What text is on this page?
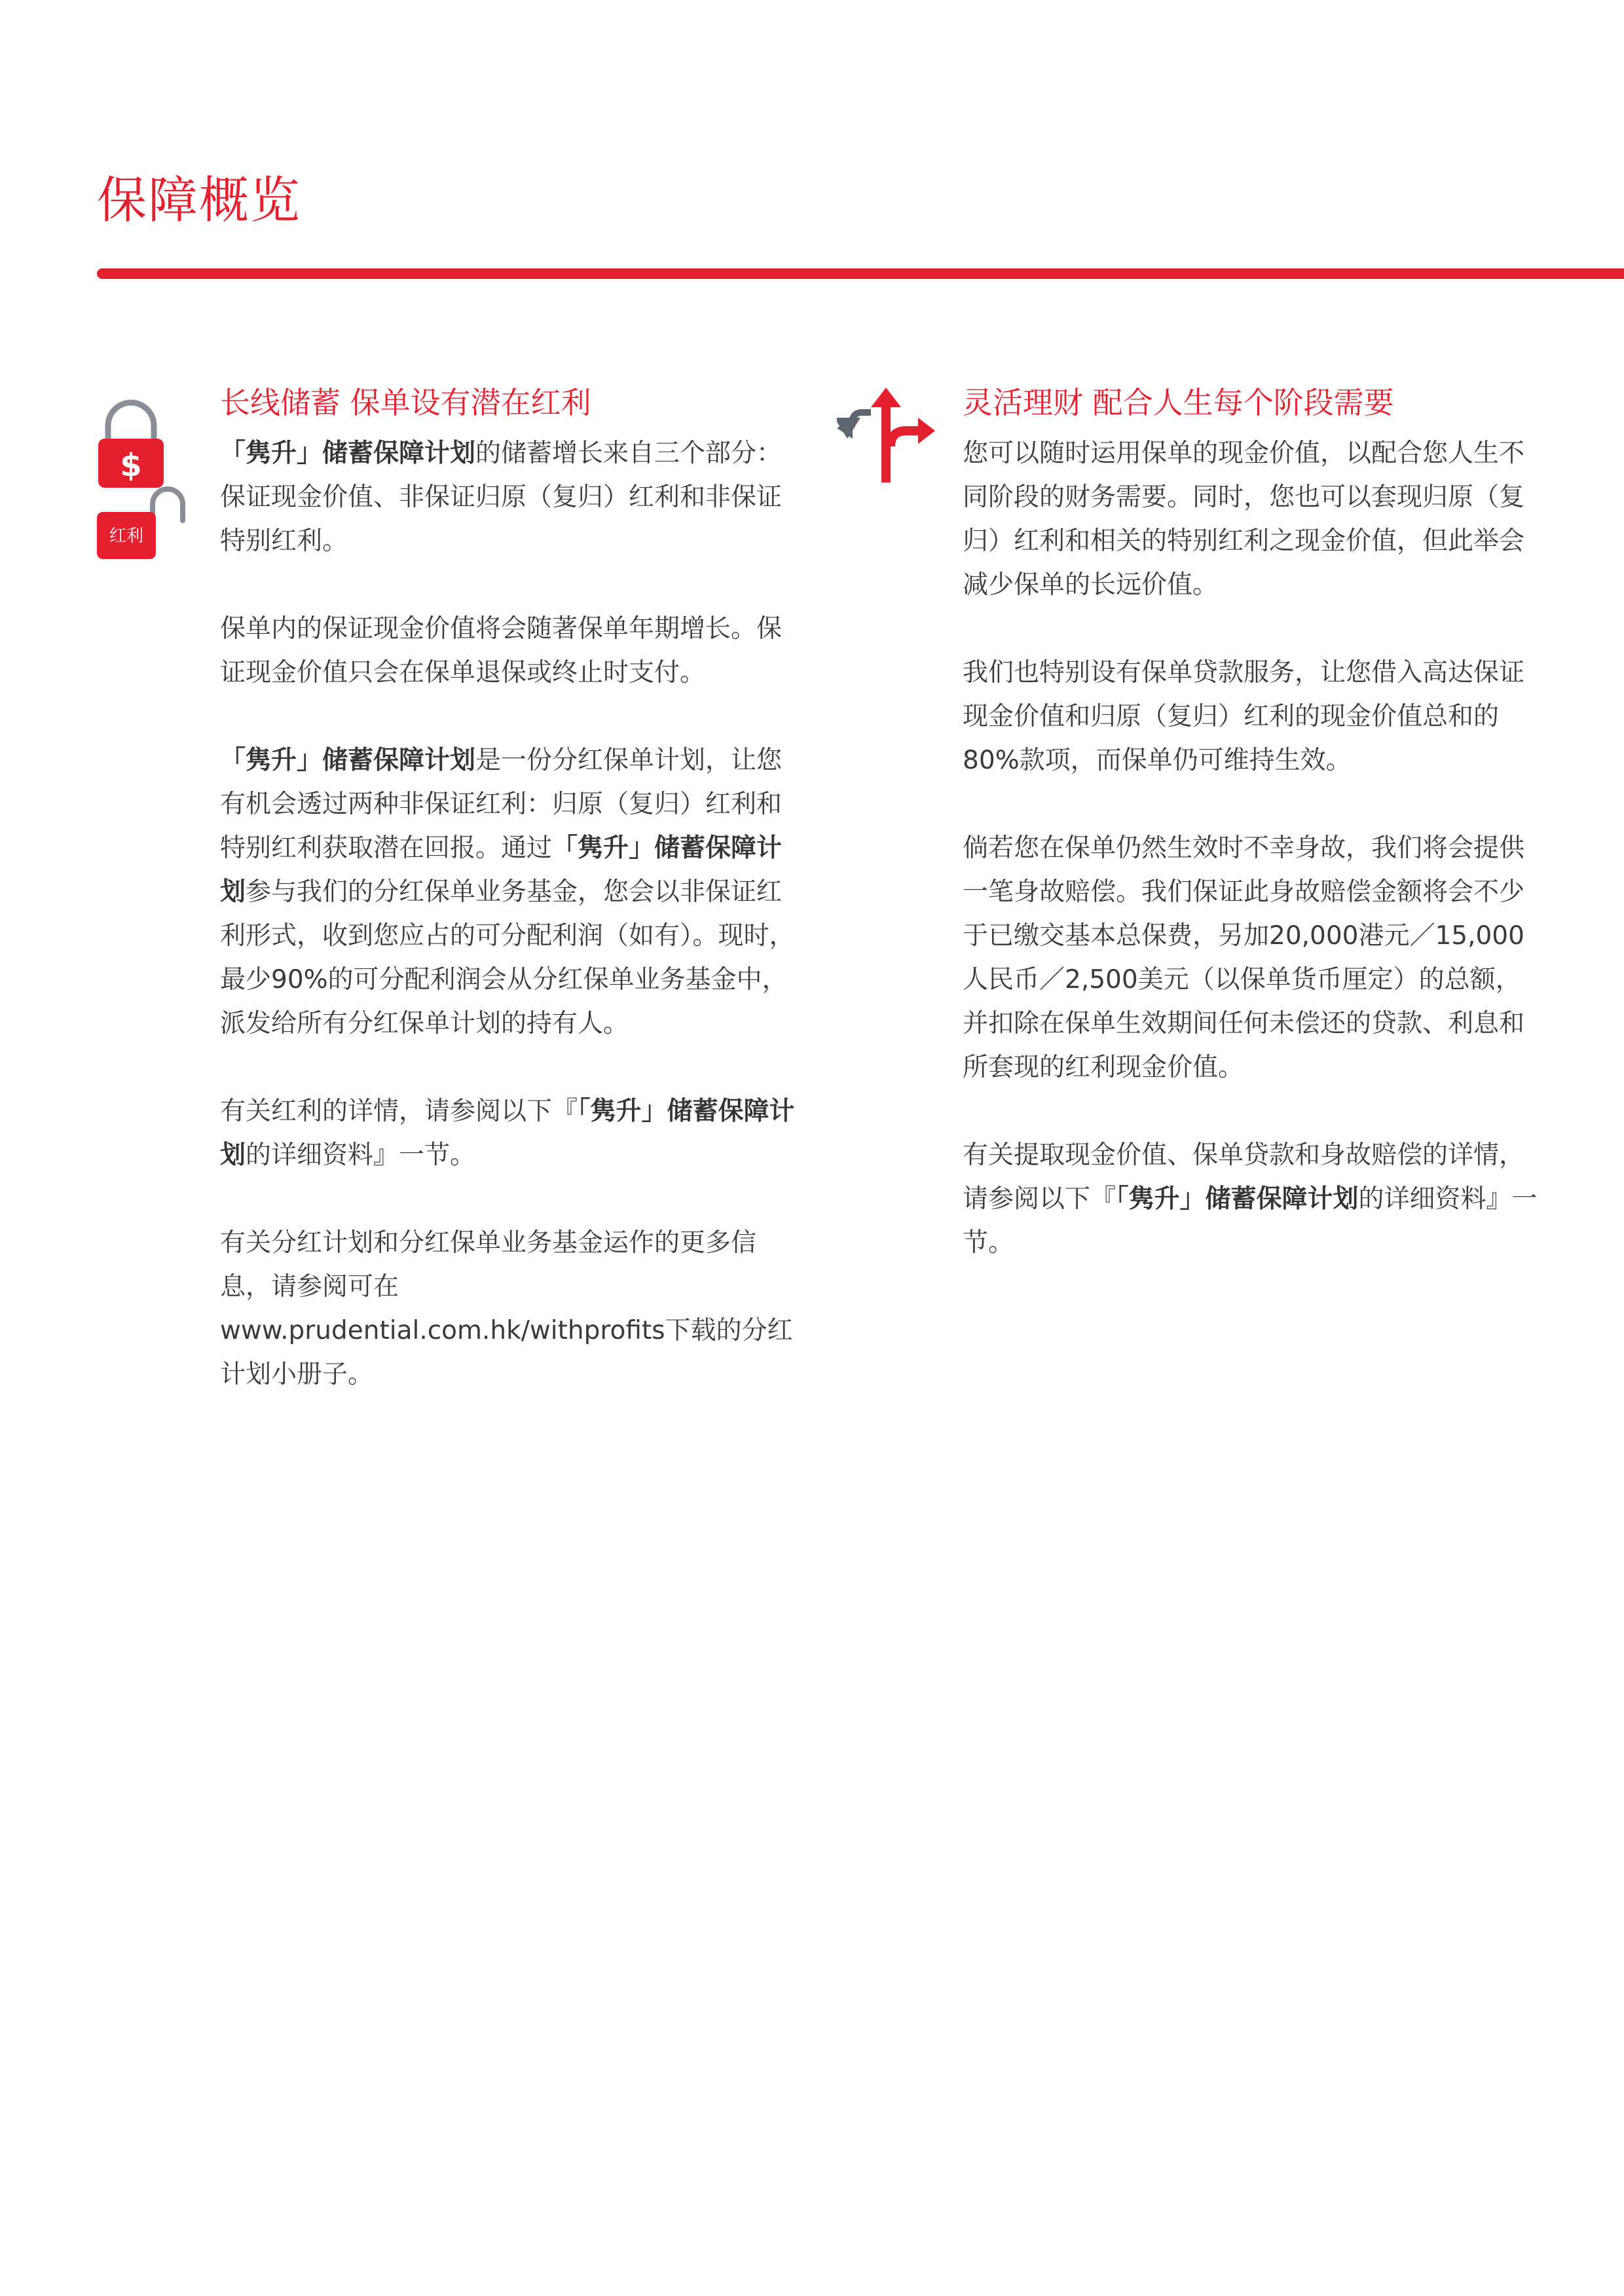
保障概览
$
红利
长线储蓄 保单设有潜在红利

「隽升」储蓄保障计划的储蓄增长来自三个部分：保证现金价值、非保证归原（复归）红利和非保证特别红利。

保单内的保证现金价值将会随著保单年期增长。保证现金价值只会在保单退保或终止时支付。

「隽升」储蓄保障计划是一份分红保单计划，让您有机会透过两种非保证红利：归原（复归）红利和特别红利获取潜在回报。通过「隽升」储蓄保障计划参与我们的分红保单业务基金，您会以非保证红利形式，收到您应占的可分配利润（如有）。现时，最少90%的可分配利润会从分红保单业务基金中，派发给所有分红保单计划的持有人。

有关红利的详情，请参阅以下『「隽升」储蓄保障计划的详细资料』一节。

有关分红计划和分红保单业务基金运作的更多信息，请参阅可在www.prudential.com.hk/withprofits下载的分红计划小册子。

灵活理财 配合人生每个阶段需要

您可以随时运用保单的现金价值，以配合您人生不同阶段的财务需要。同时，您也可以套现归原（复归）红利和相关的特别红利之现金价值，但此举会减少保单的长远价值。

我们也特别设有保单贷款服务，让您借入高达保证现金价值和归原（复归）红利的现金价值总和的80%款项，而保单仍可维持生效。

倘若您在保单仍然生效时不幸身故，我们将会提供一笔身故赔偿。我们保证此身故赔偿金额将会不少于已缴交基本总保费，另加20,000港元／15,000人民币／2,500美元（以保单货币厘定）的总额，并扣除在保单生效期间任何未偿还的贷款、利息和所套现的红利现金价值。

有关提取现金价值、保单贷款和身故赔偿的详情，请参阅以下『「隽升」储蓄保障计划的详细资料』一节。
